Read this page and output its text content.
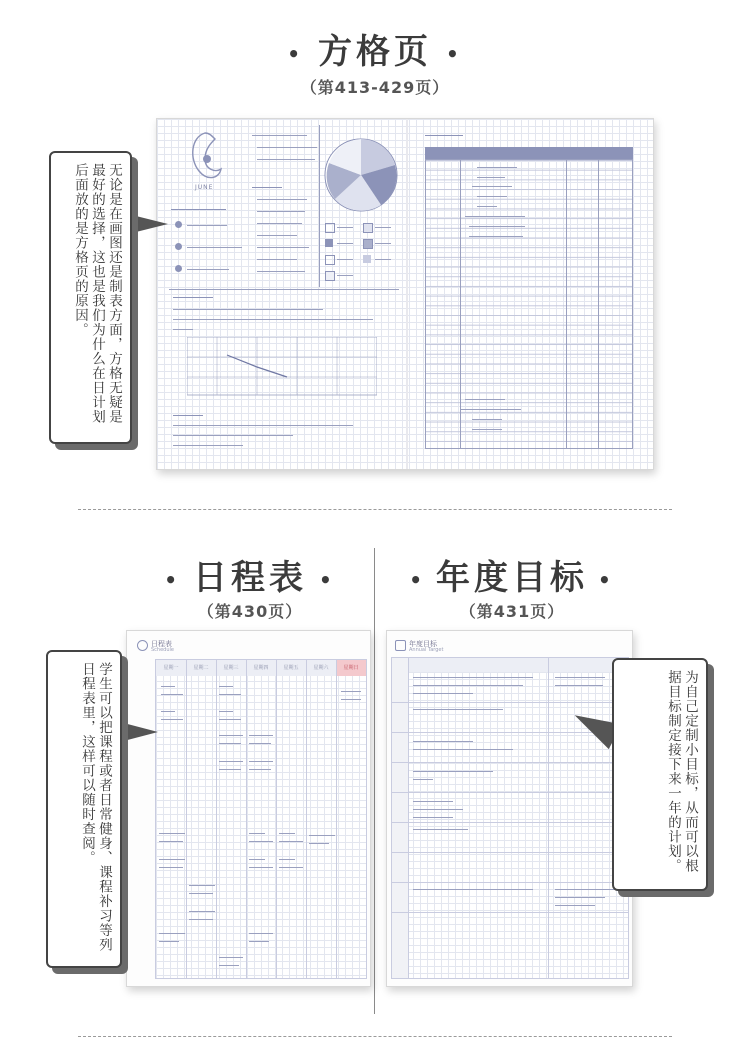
• 方格页 •
（第413-429页）
JUNE
无论是在画图还是制表方面，方格无疑是最好的选择，这也是我们为什么在日计划后面放的是方格页的原因。
• 日程表 •
（第430页）
• 年度目标 •
（第431页）
日程表
Schedule
星期一	星期二	星期三	星期四	星期五	星期六	星期日
学生可以把课程或者日常健身、课程补习等列日程表里，这样可以随时查阅。
年度目标
Annual Target
为自己定制小目标，从而可以根据目标制定接下来一年的计划。
